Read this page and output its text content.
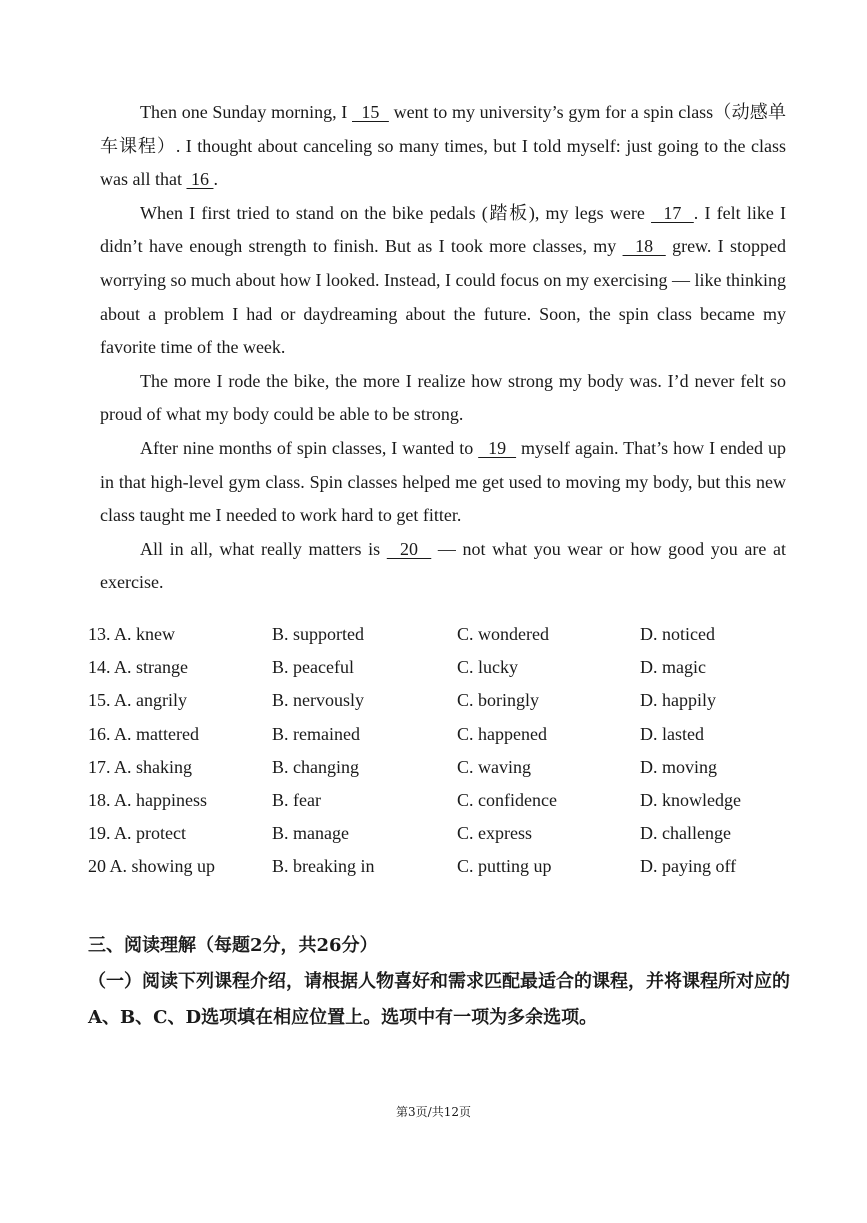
Then one Sunday morning, I   15   went to my university’s gym for a spin class（动感单车课程）. I thought about canceling so many times, but I told myself: just going to the class was all that  16 .

When I first tried to stand on the bike pedals (踏板), my legs were   17  . I felt like I didn’t have enough strength to finish. But as I took more classes, my   18   grew. I stopped worrying so much about how I looked. Instead, I could focus on my exercising — like thinking about a problem I had or daydreaming about the future. Soon, the spin class became my favorite time of the week.

The more I rode the bike, the more I realize how strong my body was. I’d never felt so proud of what my body could be able to be strong.

After nine months of spin classes, I wanted to   19   myself again. That’s how I ended up in that high-level gym class. Spin classes helped me get used to moving my body, but this new class taught me I needed to work hard to get fitter.

All in all, what really matters is   20   — not what you wear or how good you are at exercise.

13. A. knew	B. supported	C. wondered	D. noticed
14. A. strange	B. peaceful	C. lucky	D. magic
15. A. angrily	B. nervously	C. boringly	D. happily
16. A. mattered	B. remained	C. happened	D. lasted
17. A. shaking	B. changing	C. waving	D. moving
18. A. happiness	B. fear	C. confidence	D. knowledge
19. A. protect	B. manage	C. express	D. challenge
20 A. showing up	B. breaking in	C. putting up	D. paying off

三、阅读理解（每题2分，共26分）

（一）阅读下列课程介绍，请根据人物喜好和需求匹配最适合的课程，并将课程所对应的A、B、C、D选项填在相应位置上。选项中有一项为多余选项。

第3页/共12页
